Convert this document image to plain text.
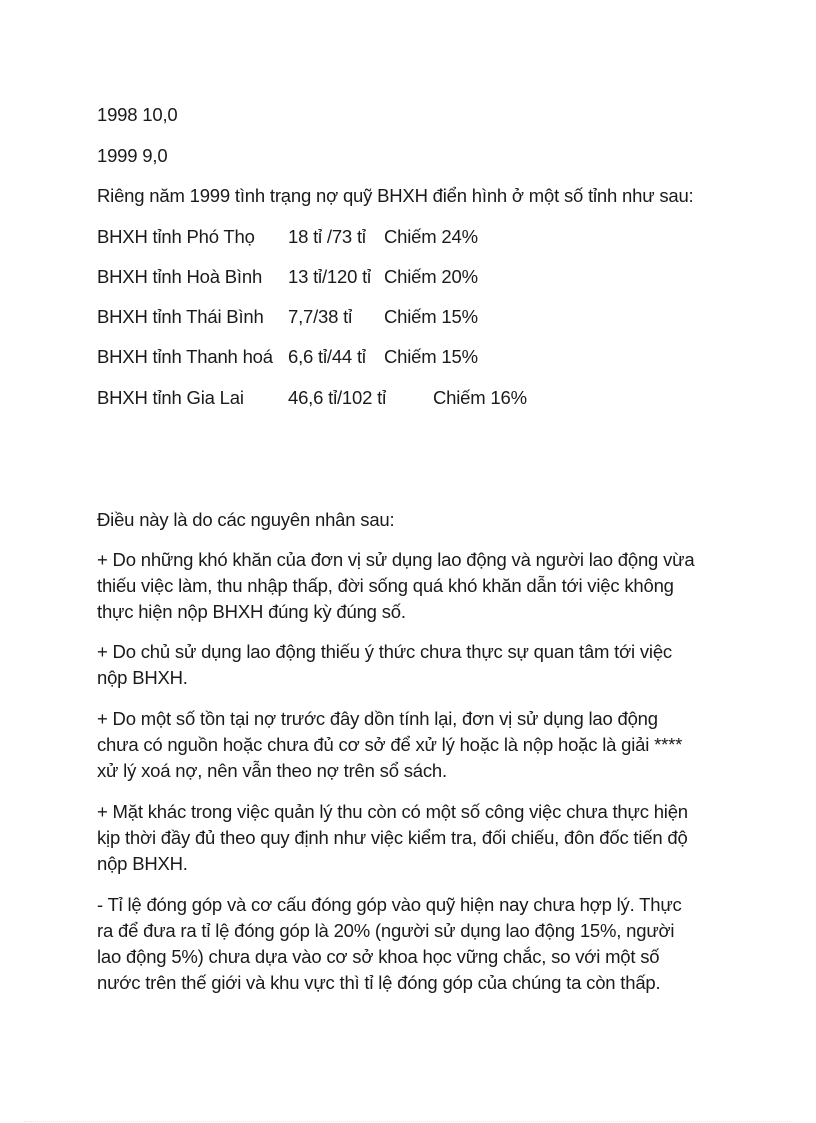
1998 10,0
1999 9,0
Riêng năm 1999 tình trạng nợ quỹ BHXH điển hình ở một số tỉnh như sau:
BHXH tỉnh Phó Thọ 18 tỉ /73 tỉ Chiếm 24%
BHXH tỉnh Hoà Bình 13 tỉ/120 tỉ Chiếm 20%
BHXH tỉnh Thái Bình 7,7/38 tỉ Chiếm 15%
BHXH tỉnh Thanh hoá 6,6 tỉ/44 tỉ Chiếm 15%
BHXH tỉnh Gia Lai 46,6 tỉ/102 tỉ	Chiếm 16%
Điều này là do các nguyên nhân sau:
+ Do những khó khăn của đơn vị sử dụng lao động và người lao động vừa
thiếu việc làm, thu nhập thấp, đời sống quá khó khăn dẫn tới việc không
thực hiện nộp BHXH đúng kỳ đúng số.
+ Do chủ sử dụng lao động thiếu ý thức chưa thực sự quan tâm tới việc
nộp BHXH.
+ Do một số tồn tại nợ trước đây dồn tính lại, đơn vị sử dụng lao động
chưa có nguồn hoặc chưa đủ cơ sở để xử lý hoặc là nộp hoặc là giải ****
xử lý xoá nợ, nên vẫn theo nợ trên sổ sách.
+ Mặt khác trong việc quản lý thu còn có một số công việc chưa thực hiện
kịp thời đầy đủ theo quy định như việc kiểm tra, đối chiếu, đôn đốc tiến độ
nộp BHXH.
- Tỉ lệ đóng góp và cơ cấu đóng góp vào quỹ hiện nay chưa hợp lý. Thực
ra để đưa ra tỉ lệ đóng góp là 20% (người sử dụng lao động 15%, người
lao động 5%) chưa dựa vào cơ sở khoa học vững chắc, so với một số
nước trên thế giới và khu vực thì tỉ lệ đóng góp của chúng ta còn thấp.
